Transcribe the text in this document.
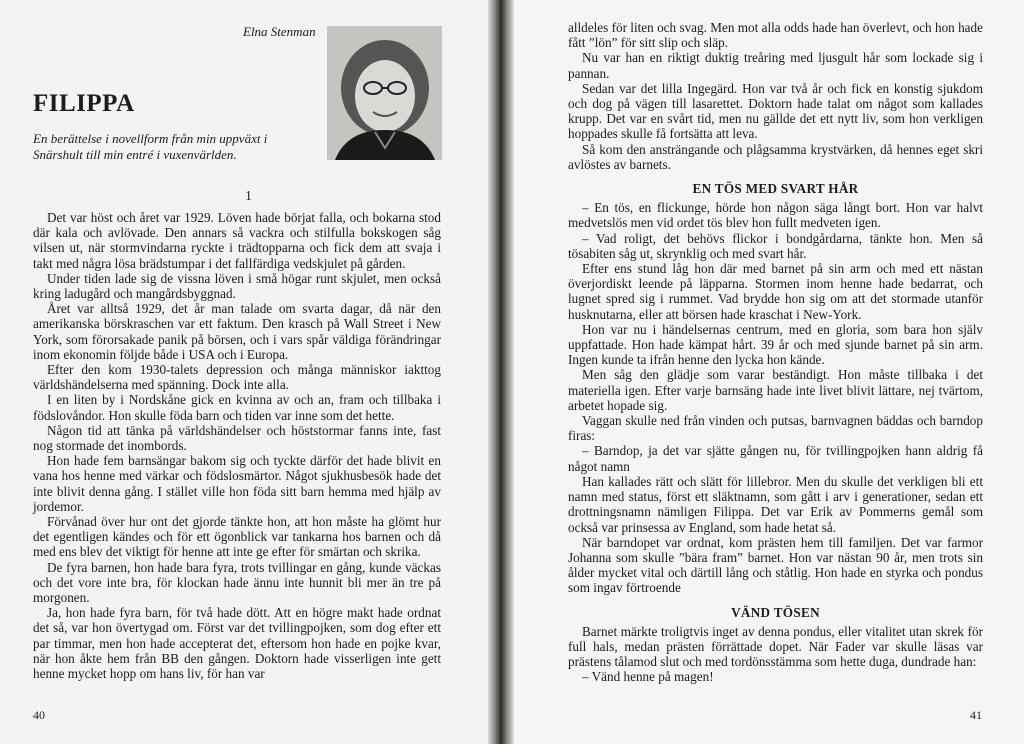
Elna Stenman
FILIPPA
En berättelse i novellform från min uppväxt i Snärshult till min entré i vuxenvärlden.
1

Det var höst och året var 1929. Löven hade börjat falla, och bokarna stod där kala och avlövade. Den annars så vackra och stilfulla bokskogen såg vilsen ut, när stormvindarna ryckte i trädtopparna och fick dem att svaja i takt med några lösa brädstumpar i det fallfärdiga vedskjulet på gården.

Under tiden lade sig de vissna löven i små högar runt skjulet, men också kring ladugård och mangårdsbyggnad.

Året var alltså 1929, det år man talade om svarta dagar, då när den amerikanska börskraschen var ett faktum. Den krasch på Wall Street i New York, som förorsakade panik på börsen, och i vars spår väldiga förändringar inom ekonomin följde både i USA och i Europa.

Efter den kom 1930-talets depression och många människor iakttog världshändelserna med spänning. Dock inte alla.

I en liten by i Nordskåne gick en kvinna av och an, fram och tillbaka i födslovåndor. Hon skulle föda barn och tiden var inne som det hette.

Någon tid att tänka på världshändelser och höststormar fanns inte, fast nog stormade det inombords.

Hon hade fem barnsängar bakom sig och tyckte därför det hade blivit en vana hos henne med värkar och födslosmärtor. Något sjukhusbesök hade det inte blivit denna gång. I stället ville hon föda sitt barn hemma med hjälp av jordemor.

Förvånad över hur ont det gjorde tänkte hon, att hon måste ha glömt hur det egentligen kändes och för ett ögonblick var tankarna hos barnen och då med ens blev det viktigt för henne att inte ge efter för smärtan och skrika.

De fyra barnen, hon hade bara fyra, trots tvillingar en gång, kunde väckas och det vore inte bra, för klockan hade ännu inte hunnit bli mer än tre på morgonen.

Ja, hon hade fyra barn, för två hade dött. Att en högre makt hade ordnat det så, var hon övertygad om. Först var det tvillingpojken, som dog efter ett par timmar, men hon hade accepterat det, eftersom hon hade en pojke kvar, när hon åkte hem från BB den gången. Doktorn hade visserligen inte gett henne mycket hopp om hans liv, för han var

40

alldeles för liten och svag. Men mot alla odds hade han överlevt, och hon hade fått ”lön” för sitt slip och släp.

Nu var han en riktigt duktig treåring med ljusgult hår som lockade sig i pannan.

Sedan var det lilla Ingegärd. Hon var två år och fick en konstig sjukdom och dog på vägen till lasarettet. Doktorn hade talat om något som kallades krupp. Det var en svårt tid, men nu gällde det ett nytt liv, som hon verkligen hoppades skulle få fortsätta att leva.

Så kom den ansträngande och plågsamma krystvärken, då hennes eget skri avlöstes av barnets.

EN TÖS MED SVART HÅR

– En tös, en flickunge, hörde hon någon säga långt bort. Hon var halvt medvetslös men vid ordet tös blev hon fullt medveten igen.

– Vad roligt, det behövs flickor i bondgårdarna, tänkte hon. Men så tösabiten såg ut, skrynklig och med svart hår.

Efter ens stund låg hon där med barnet på sin arm och med ett nästan överjordiskt leende på läpparna. Stormen inom henne hade bedarrat, och lugnet spred sig i rummet. Vad brydde hon sig om att det stormade utanför husknutarna, eller att börsen hade kraschat i New-York.

Hon var nu i händelsernas centrum, med en gloria, som bara hon själv uppfattade. Hon hade kämpat hårt. 39 år och med sjunde barnet på sin arm. Ingen kunde ta ifrån henne den lycka hon kände.

Men såg den glädje som varar beständigt. Hon måste tillbaka i det materiella igen. Efter varje barnsäng hade inte livet blivit lättare, nej tvärtom, arbetet hopade sig.

Vaggan skulle ned från vinden och putsas, barnvagnen bäddas och barndop firas:

– Barndop, ja det var sjätte gången nu, för tvillingpojken hann aldrig få något namn

Han kallades rätt och slätt för lillebror. Men du skulle det verkligen bli ett namn med status, först ett släktnamn, som gått i arv i generationer, sedan ett drottningsnamn nämligen Filippa. Det var Erik av Pommerns gemål som också var prinsessa av England, som hade hetat så.

När barndopet var ordnat, kom prästen hem till familjen. Det var farmor Johanna som skulle ”bära fram” barnet. Hon var nästan 90 år, men trots sin ålder mycket vital och därtill lång och ståtlig. Hon hade en styrka och pondus som ingav förtroende

VÄND TÖSEN

Barnet märkte troligtvis inget av denna pondus, eller vitalitet utan skrek för full hals, medan prästen förrättade dopet. När Fader var skulle läsas var prästens tålamod slut och med tordönsstämma som hette duga, dundrade han:

– Vänd henne på magen!

41
